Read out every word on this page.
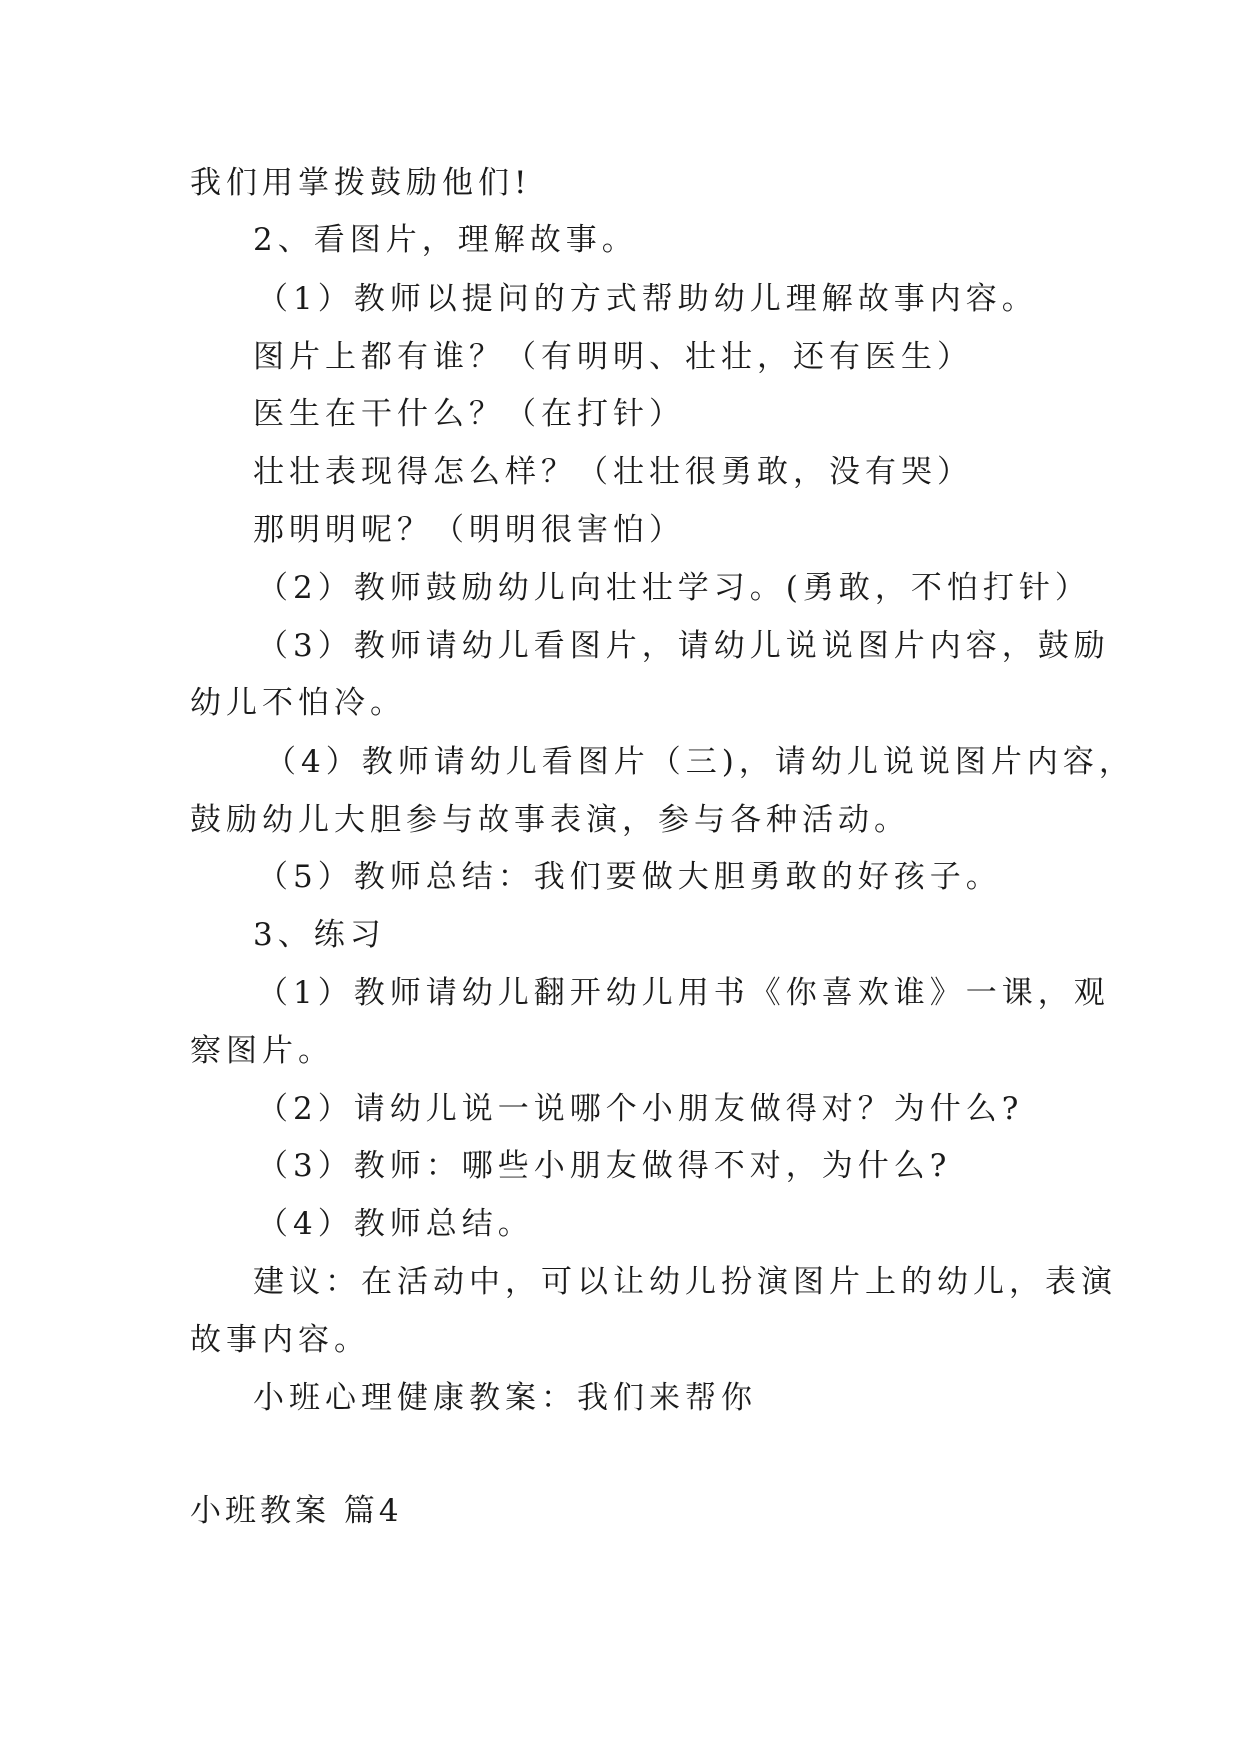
我们用掌拨鼓励他们!
2、看图片，理解故事。
（1）教师以提问的方式帮助幼儿理解故事内容。
图片上都有谁？（有明明、壮壮，还有医生）
医生在干什么？（在打针）
壮壮表现得怎么样？（壮壮很勇敢，没有哭）
那明明呢？（明明很害怕）
（2）教师鼓励幼儿向壮壮学习。(勇敢，不怕打针）
（3）教师请幼儿看图片，请幼儿说说图片内容，鼓励
幼儿不怕冷。
（4）教师请幼儿看图片（三)，请幼儿说说图片内容，
鼓励幼儿大胆参与故事表演，参与各种活动。
（5）教师总结：我们要做大胆勇敢的好孩子。
3、练习
（1）教师请幼儿翻开幼儿用书《你喜欢谁》一课，观
察图片。
（2）请幼儿说一说哪个小朋友做得对？为什么?
（3）教师：哪些小朋友做得不对，为什么?
（4）教师总结。
建议：在活动中，可以让幼儿扮演图片上的幼儿，表演
故事内容。
小班心理健康教案：我们来帮你
小班教案 篇4
